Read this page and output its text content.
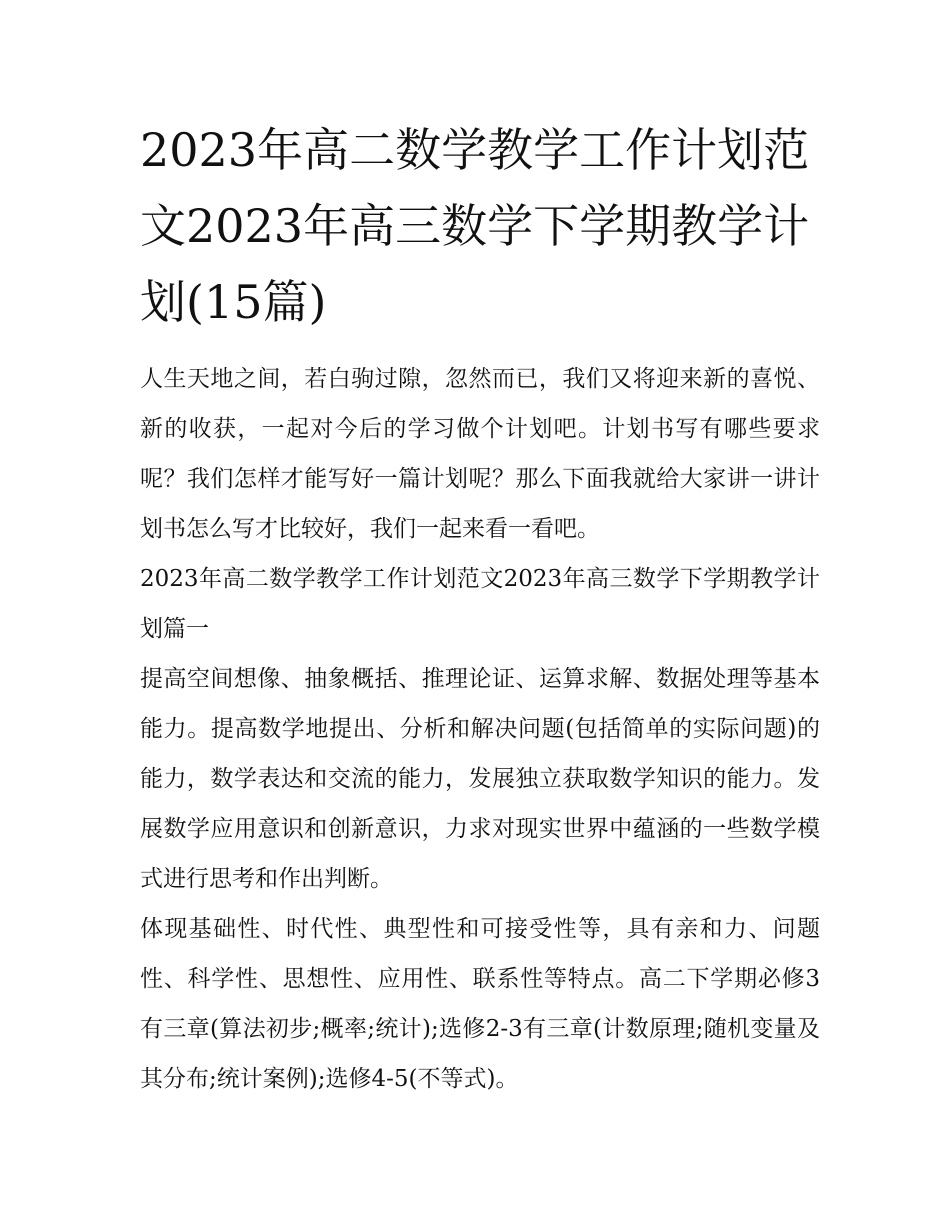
2023年高二数学教学工作计划范文2023年高三数学下学期教学计划(15篇)

人生天地之间，若白驹过隙，忽然而已，我们又将迎来新的喜悦、新的收获，一起对今后的学习做个计划吧。计划书写有哪些要求呢？我们怎样才能写好一篇计划呢？那么下面我就给大家讲一讲计划书怎么写才比较好，我们一起来看一看吧。

2023年高二数学教学工作计划范文2023年高三数学下学期教学计划篇一

提高空间想像、抽象概括、推理论证、运算求解、数据处理等基本能力。提高数学地提出、分析和解决问题(包括简单的实际问题)的能力，数学表达和交流的能力，发展独立获取数学知识的能力。发展数学应用意识和创新意识，力求对现实世界中蕴涵的一些数学模式进行思考和作出判断。

体现基础性、时代性、典型性和可接受性等，具有亲和力、问题性、科学性、思想性、应用性、联系性等特点。高二下学期必修3有三章(算法初步;概率;统计);选修2-3有三章(计数原理;随机变量及其分布;统计案例);选修4-5(不等式)。
